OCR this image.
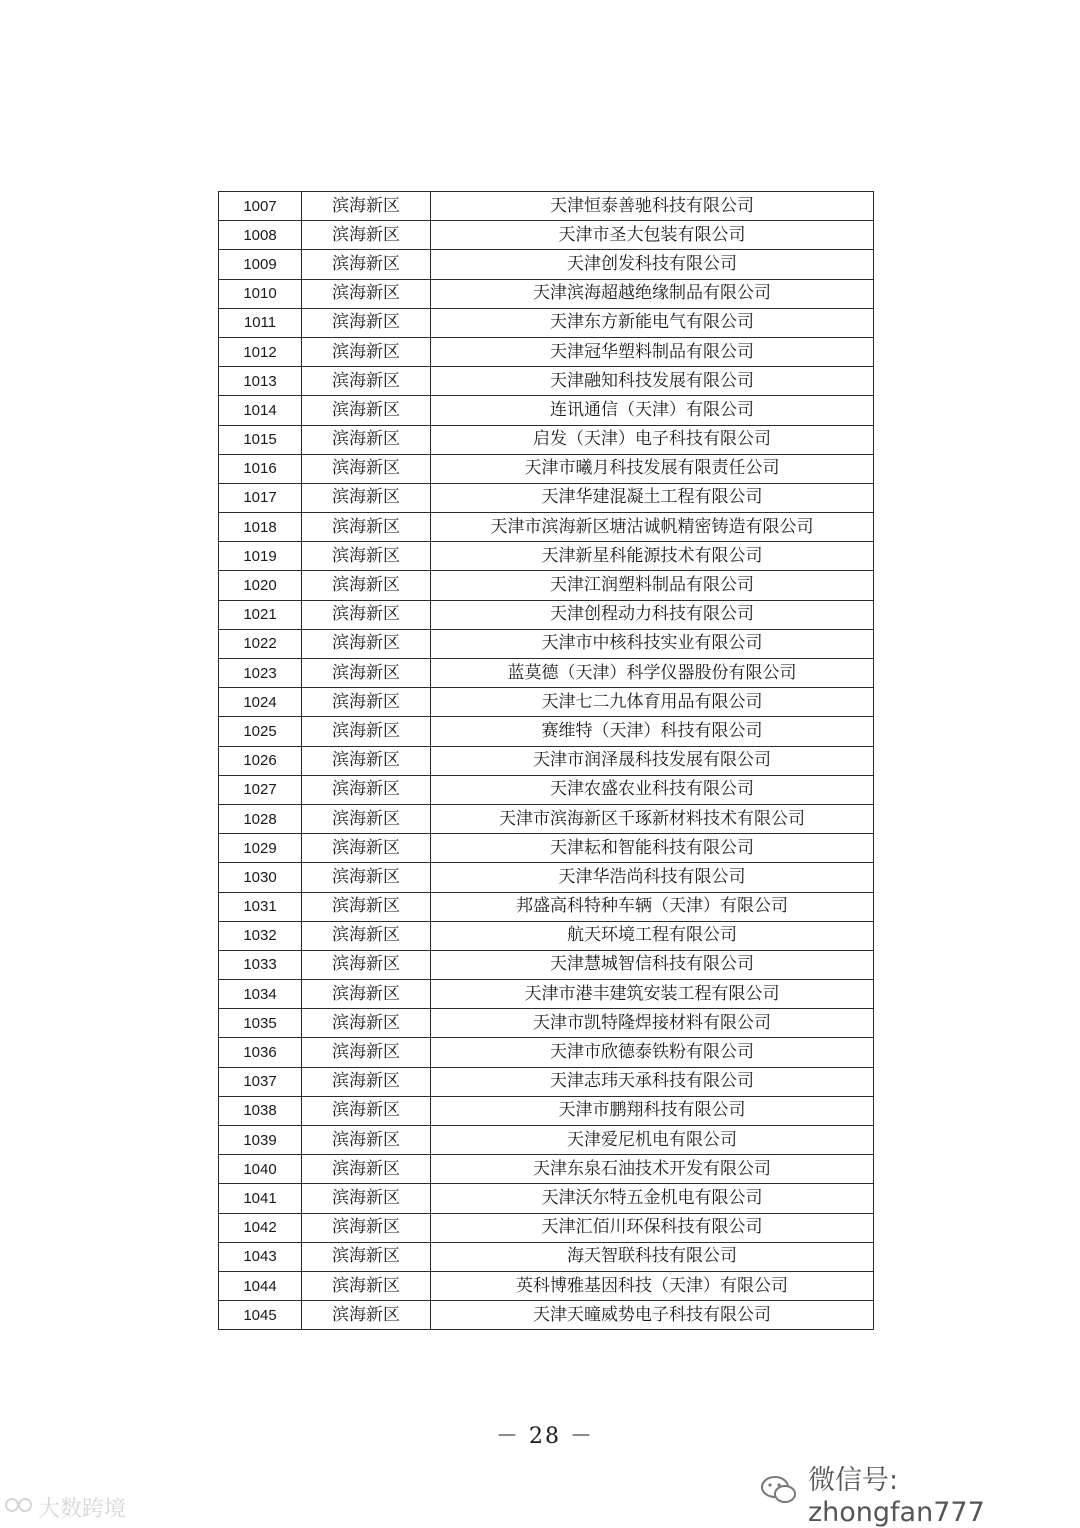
1007	滨海新区	天津恒泰善驰科技有限公司
1008	滨海新区	天津市圣大包装有限公司
1009	滨海新区	天津创发科技有限公司
1010	滨海新区	天津滨海超越绝缘制品有限公司
1011	滨海新区	天津东方新能电气有限公司
1012	滨海新区	天津冠华塑料制品有限公司
1013	滨海新区	天津融知科技发展有限公司
1014	滨海新区	连讯通信（天津）有限公司
1015	滨海新区	启发（天津）电子科技有限公司
1016	滨海新区	天津市曦月科技发展有限责任公司
1017	滨海新区	天津华建混凝土工程有限公司
1018	滨海新区	天津市滨海新区塘沽诚帆精密铸造有限公司
1019	滨海新区	天津新星科能源技术有限公司
1020	滨海新区	天津江润塑料制品有限公司
1021	滨海新区	天津创程动力科技有限公司
1022	滨海新区	天津市中核科技实业有限公司
1023	滨海新区	蓝莫德（天津）科学仪器股份有限公司
1024	滨海新区	天津七二九体育用品有限公司
1025	滨海新区	赛维特（天津）科技有限公司
1026	滨海新区	天津市润泽晟科技发展有限公司
1027	滨海新区	天津农盛农业科技有限公司
1028	滨海新区	天津市滨海新区千琢新材料技术有限公司
1029	滨海新区	天津耘和智能科技有限公司
1030	滨海新区	天津华浩尚科技有限公司
1031	滨海新区	邦盛高科特种车辆（天津）有限公司
1032	滨海新区	航天环境工程有限公司
1033	滨海新区	天津慧城智信科技有限公司
1034	滨海新区	天津市港丰建筑安装工程有限公司
1035	滨海新区	天津市凯特隆焊接材料有限公司
1036	滨海新区	天津市欣德泰铁粉有限公司
1037	滨海新区	天津志玮天承科技有限公司
1038	滨海新区	天津市鹏翔科技有限公司
1039	滨海新区	天津爱尼机电有限公司
1040	滨海新区	天津东泉石油技术开发有限公司
1041	滨海新区	天津沃尔特五金机电有限公司
1042	滨海新区	天津汇佰川环保科技有限公司
1043	滨海新区	海天智联科技有限公司
1044	滨海新区	英科博雅基因科技（天津）有限公司
1045	滨海新区	天津天曈威势电子科技有限公司
－ 28 －
大数跨境
微信号: zhongfan777
